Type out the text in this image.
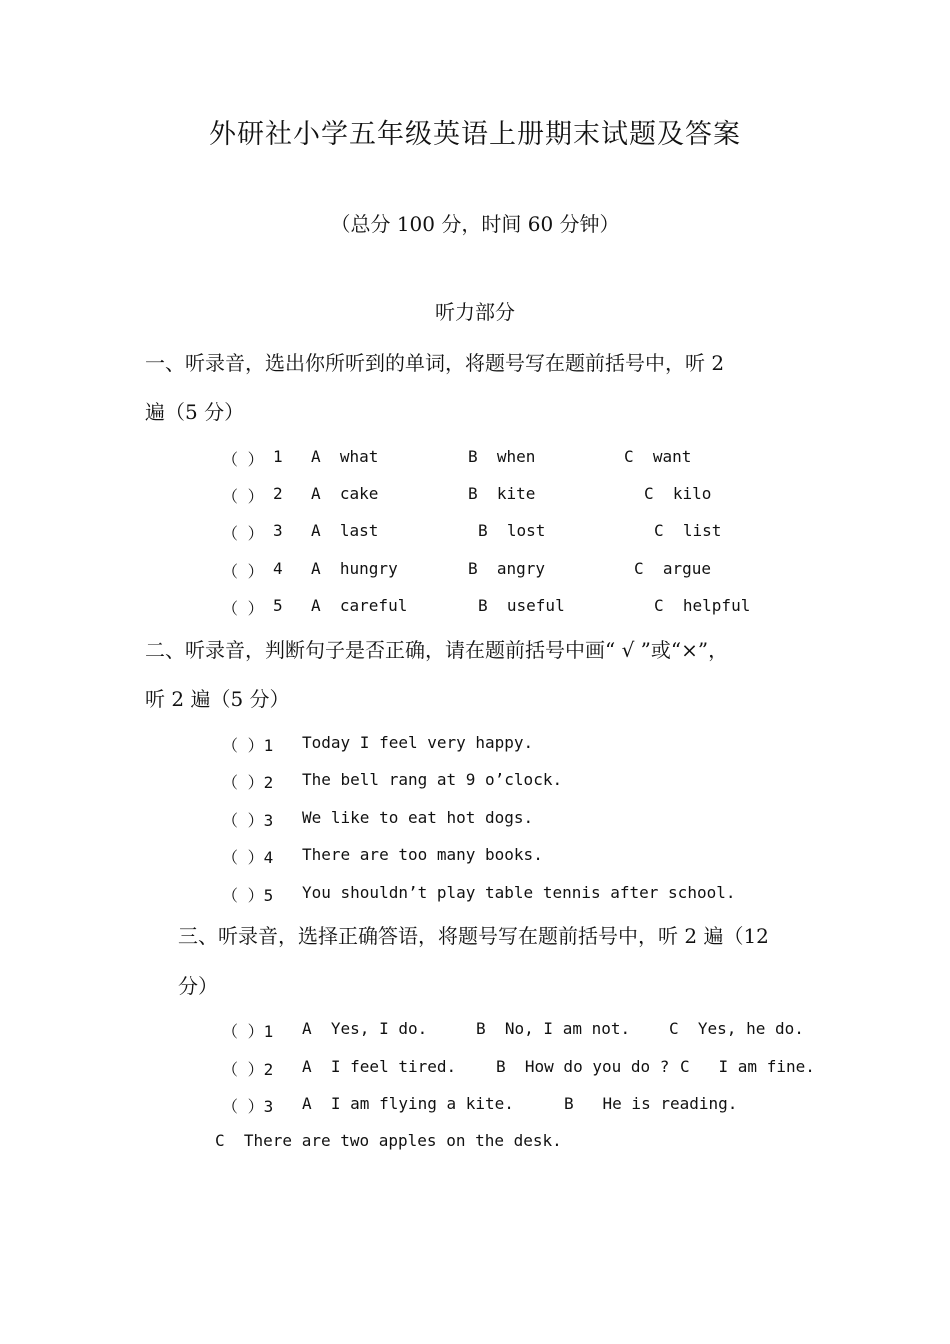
外研社小学五年级英语上册期末试题及答案
（总分 100 分，时间 60 分钟）
听力部分
一、听录音，选出你所听到的单词，将题号写在题前括号中，听 2
遍（5 分）
（ ） 1 A  what	B  when	C  want
（ ） 2 A  cake	B  kite	C  kilo
（ ） 3 A  last	B  lost	C  list
（ ） 4 A  hungry	B  angry	C  argue
（ ） 5 A  careful	B  useful	C  helpful
二、听录音，判断句子是否正确，请在题前括号中画“ √ ”或“×”，
听 2 遍（5 分）
（ ）1 Today I feel very happy.
（ ）2 The bell rang at 9 o’clock.
（ ）3 We like to eat hot dogs.
（ ）4 There are too many books.
（ ）5 You shouldn’t play table tennis after school.
三、听录音，选择正确答语，将题号写在题前括号中，听 2 遍（12
分）
（ ）1 A  Yes, I do.	B  No, I am not. C  Yes, he do.
（ ）2 A  I feel tired. B  How do you do ? C   I am fine.
（ ）3 A  I am flying a kite.	B   He is reading.
C  There are two apples on the desk.
